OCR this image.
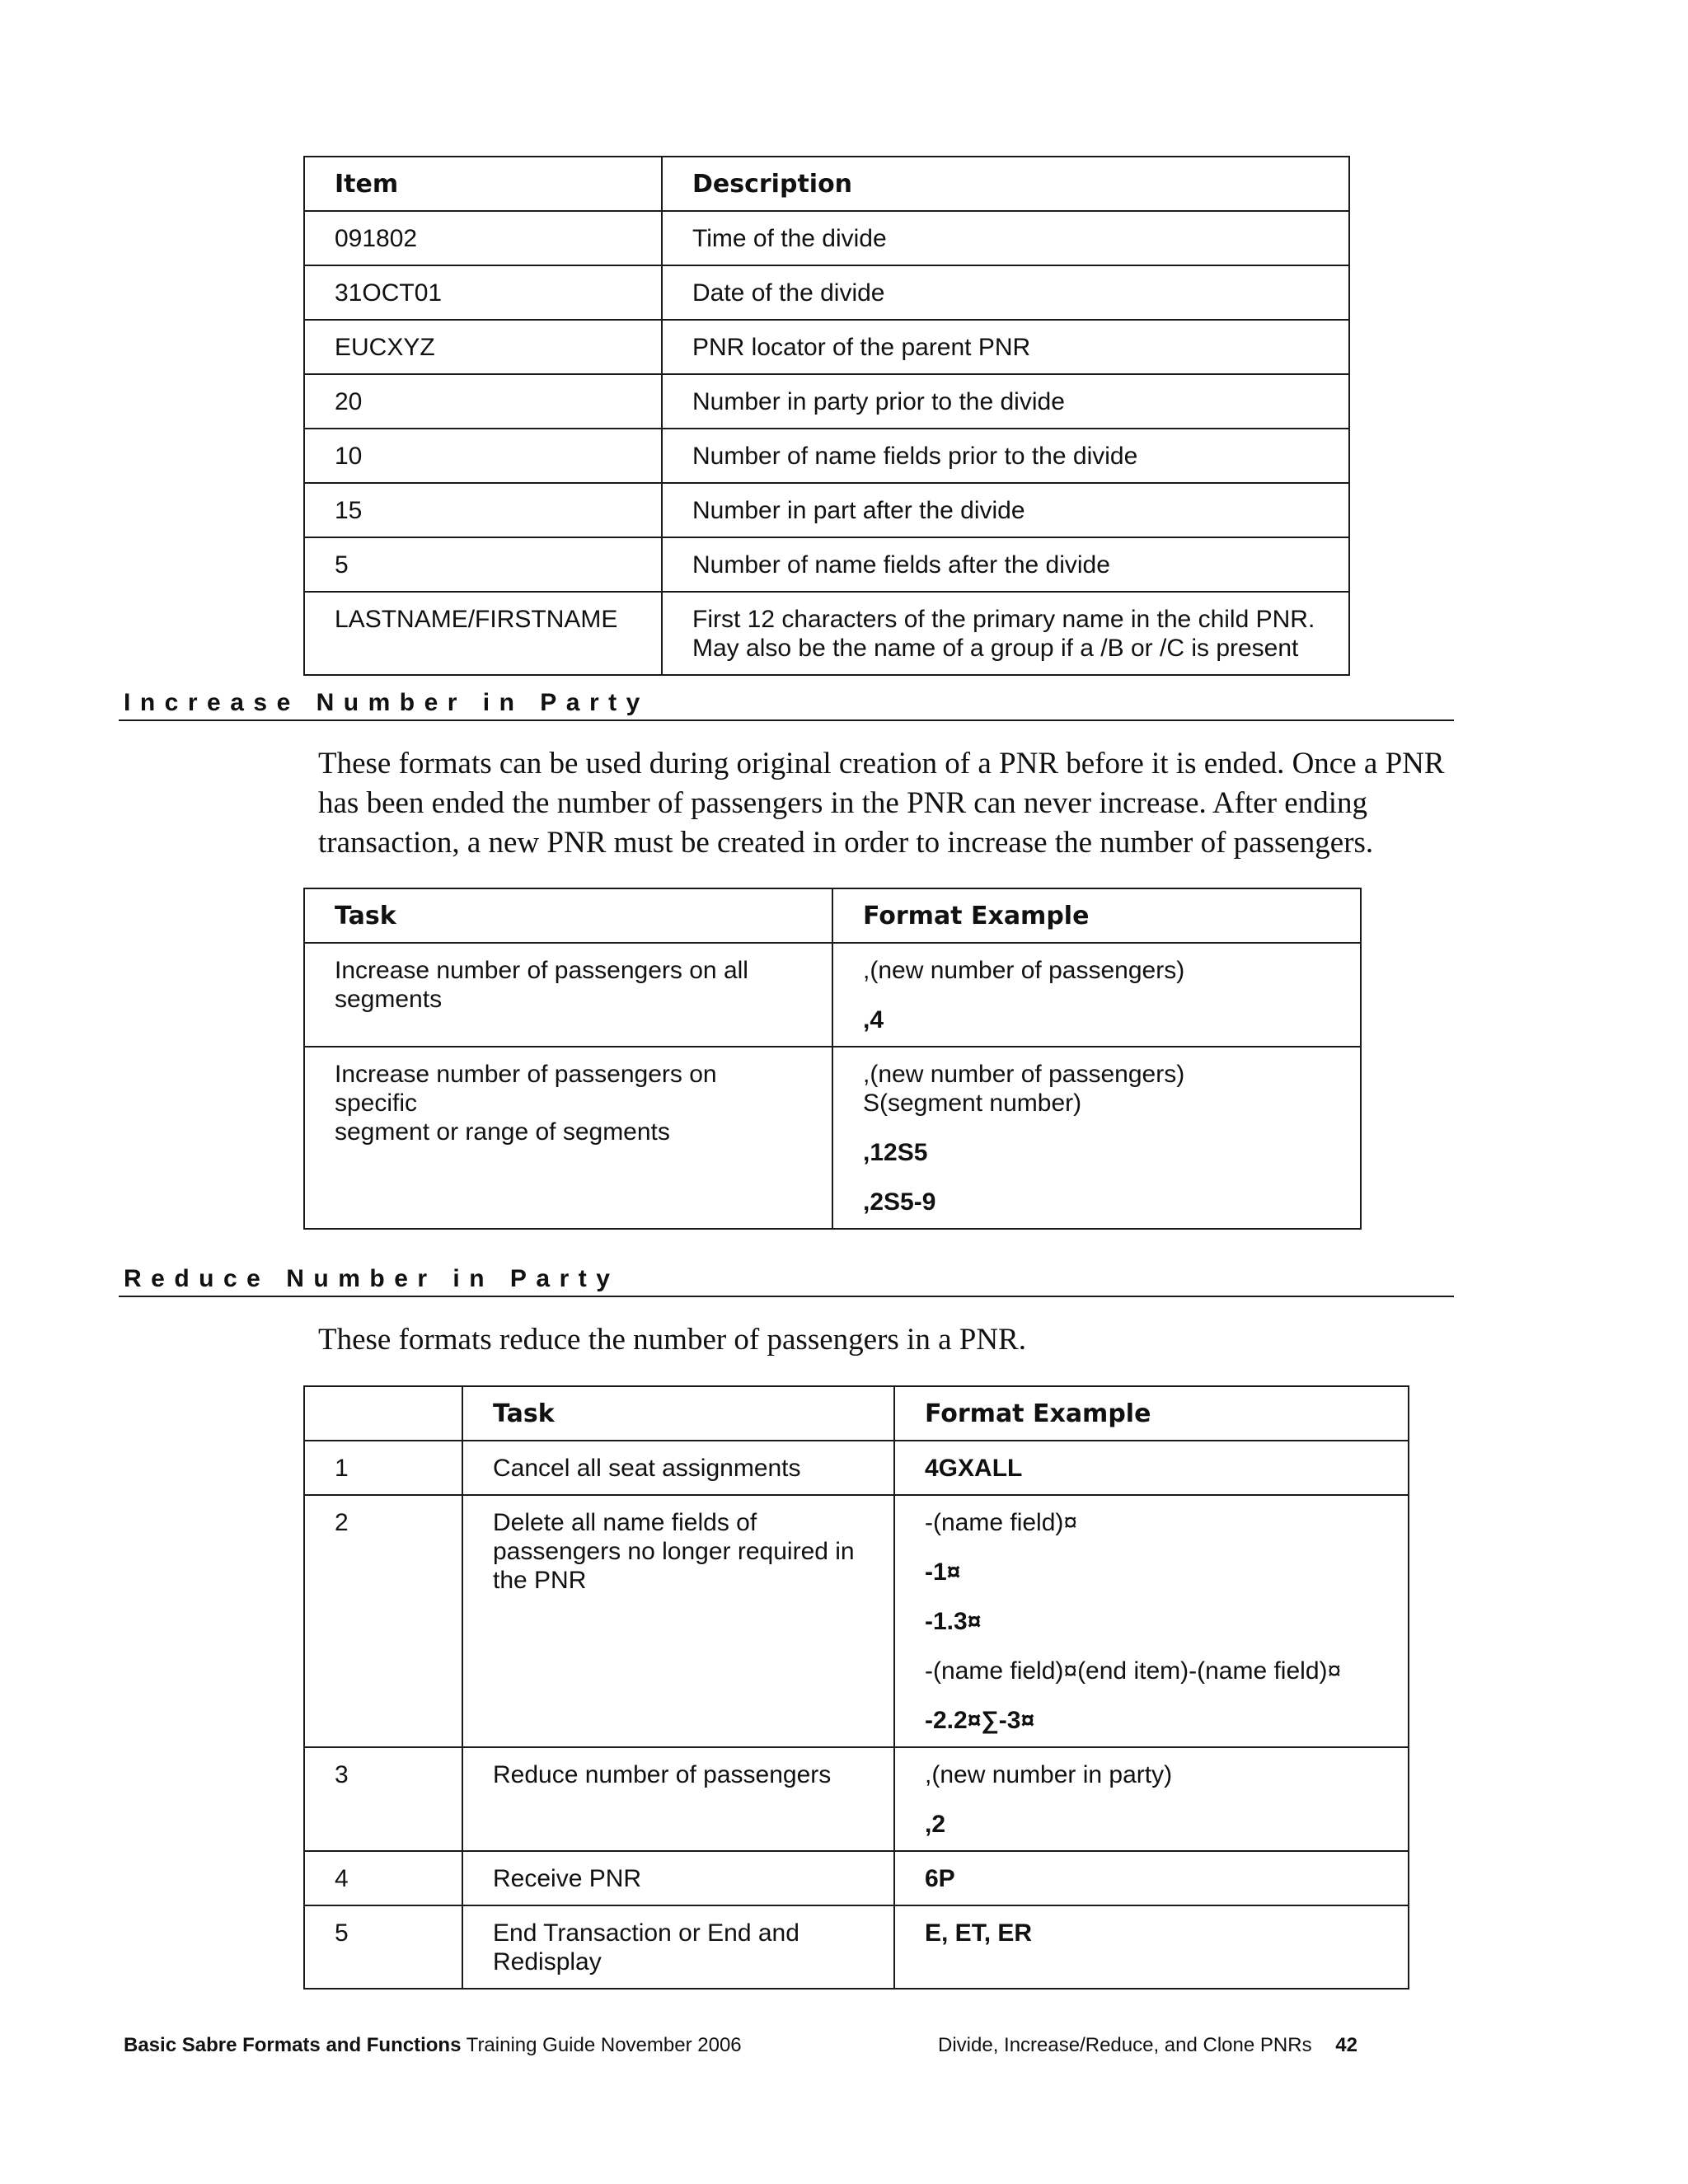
Item	Description
091802	Time of the divide
31OCT01	Date of the divide
EUCXYZ	PNR locator of the parent PNR
20	Number in party prior to the divide
10	Number of name fields prior to the divide
15	Number in part after the divide
5	Number of name fields after the divide
LASTNAME/FIRSTNAME	First 12 characters of the primary name in the child PNR.
May also be the name of a group if a /B or /C is present
Increase Number in Party
These formats can be used during original creation of a PNR before it is ended. Once a PNR
has been ended the number of passengers in the PNR can never increase. After ending
transaction, a new PNR must be created in order to increase the number of passengers.
Task	Format Example

Increase number of passengers on all
segments	,(new number of passengers)
,4

Increase number of passengers on specific
segment or range of segments	,(new number of passengers)
S(segment number)
,12S5
,2S5-9
Reduce Number in Party
These formats reduce the number of passengers in a PNR.
	Task	Format Example
1	Cancel all seat assignments	4GXALL

2	Delete all name fields of
passengers no longer required in
the PNR	-(name field)¤
-1¤
-1.3¤
-(name field)¤(end item)-(name field)¤
-2.2¤∑-3¤

3	Reduce number of passengers	,(new number in party)
,2

4	Receive PNR	6P

5	End Transaction or End and
Redisplay	E, ET, ER
Basic Sabre Formats and Functions Training Guide November 2006	Divide, Increase/Reduce, and Clone PNRs 42
